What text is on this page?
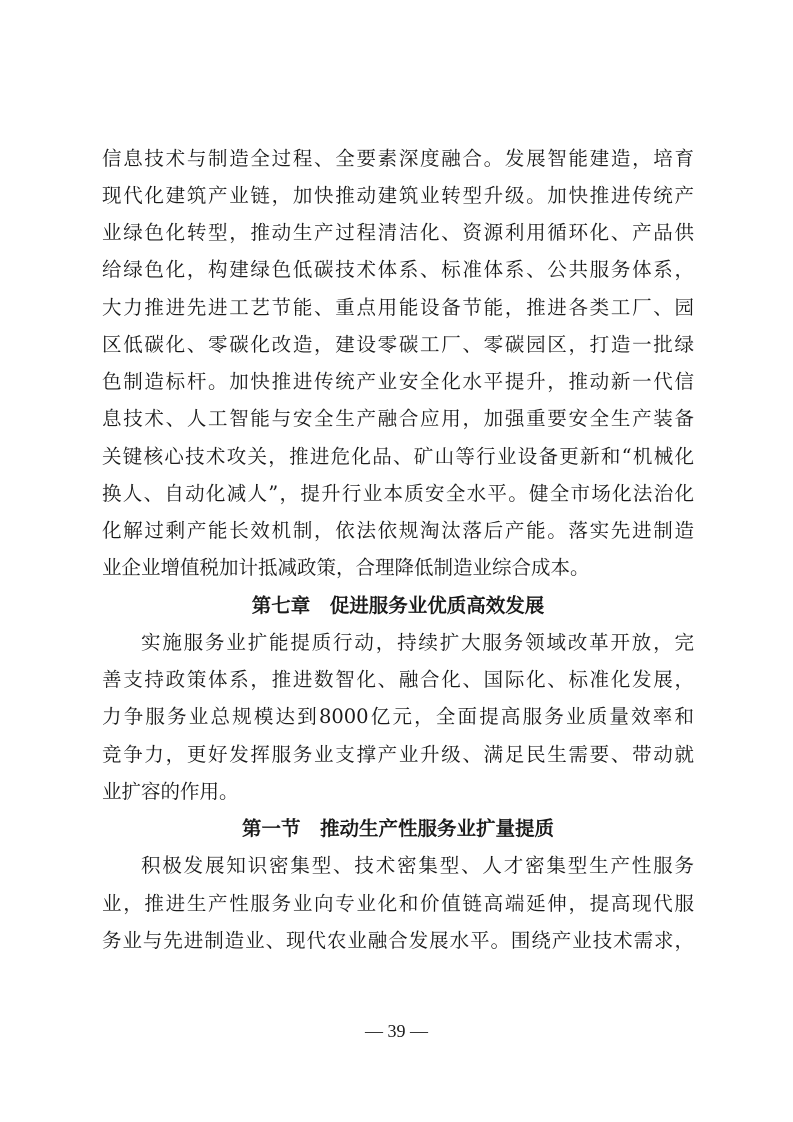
信息技术与制造全过程、全要素深度融合。发展智能建造，培育
现代化建筑产业链，加快推动建筑业转型升级。加快推进传统产
业绿色化转型，推动生产过程清洁化、资源利用循环化、产品供
给绿色化，构建绿色低碳技术体系、标准体系、公共服务体系，
大力推进先进工艺节能、重点用能设备节能，推进各类工厂、园
区低碳化、零碳化改造，建设零碳工厂、零碳园区，打造一批绿
色制造标杆。加快推进传统产业安全化水平提升，推动新一代信
息技术、人工智能与安全生产融合应用，加强重要安全生产装备
关键核心技术攻关，推进危化品、矿山等行业设备更新和“机械化
换人、自动化减人”，提升行业本质安全水平。健全市场化法治化
化解过剩产能长效机制，依法依规淘汰落后产能。落实先进制造
业企业增值税加计抵减政策，合理降低制造业综合成本。
第七章　促进服务业优质高效发展
实施服务业扩能提质行动，持续扩大服务领域改革开放，完
善支持政策体系，推进数智化、融合化、国际化、标准化发展，
力争服务业总规模达到8000亿元，全面提高服务业质量效率和
竞争力，更好发挥服务业支撑产业升级、满足民生需要、带动就
业扩容的作用。
第一节　推动生产性服务业扩量提质
积极发展知识密集型、技术密集型、人才密集型生产性服务
业，推进生产性服务业向专业化和价值链高端延伸，提高现代服
务业与先进制造业、现代农业融合发展水平。围绕产业技术需求，
— 39 —
